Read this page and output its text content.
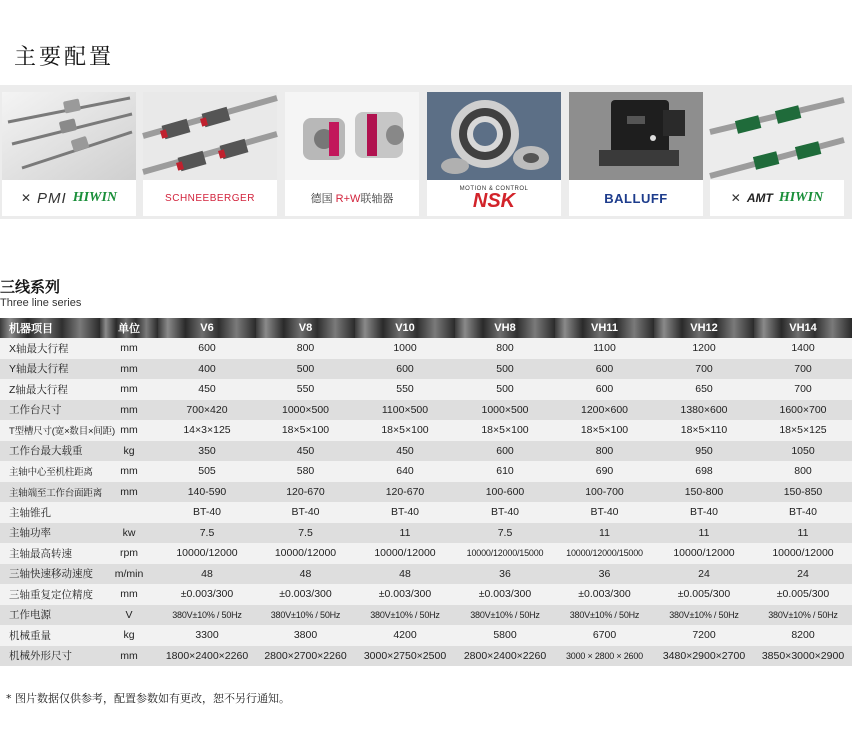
主要配置
✕ PMI HIWIN	SCHNEEBERGER	德国 R+W联轴器
MOTION & CONTROL
NSK	BALLUFF	✕ AMT HIWIN
三线系列
Three line series
机器项目	单位	V6	V8	V10	VH8	VH11	VH12	VH14
X轴最大行程	mm	600	800	1000	800	1100	1200	1400
Y轴最大行程	mm	400	500	600	500	600	700	700
Z轴最大行程	mm	450	550	550	500	600	650	700
工作台尺寸	mm	700×420	1000×500	1100×500	1000×500	1200×600	1380×600	1600×700
T型槽尺寸(宽×数目×间距)	mm	14×3×125	18×5×100	18×5×100	18×5×100	18×5×100	18×5×110	18×5×125
工作台最大载重	kg	350	450	450	600	800	950	1050
主轴中心至机柱距离	mm	505	580	640	610	690	698	800
主轴端至工作台面距离	mm	140-590	120-670	120-670	100-600	100-700	150-800	150-850
主轴锥孔		BT-40	BT-40	BT-40	BT-40	BT-40	BT-40	BT-40
主轴功率	kw	7.5	7.5	11	7.5	11	11	11
主轴最高转速	rpm	10000/12000	10000/12000	10000/12000	10000/12000/15000	10000/12000/15000	10000/12000	10000/12000
三轴快速移动速度	m/min	48	48	48	36	36	24	24
三轴重复定位精度	mm	±0.003/300	±0.003/300	±0.003/300	±0.003/300	±0.003/300	±0.005/300	±0.005/300
工作电源	V	380V±10% / 50Hz	380V±10% / 50Hz	380V±10% / 50Hz	380V±10% / 50Hz	380V±10% / 50Hz	380V±10% / 50Hz	380V±10% / 50Hz
机械重量	kg	3300	3800	4200	5800	6700	7200	8200
机械外形尺寸	mm	1800×2400×2260	2800×2700×2260	3000×2750×2500	2800×2400×2260	3000 × 2800 × 2600	3480×2900×2700	3850×3000×2900
* 图片数据仅供参考，配置参数如有更改，恕不另行通知。
